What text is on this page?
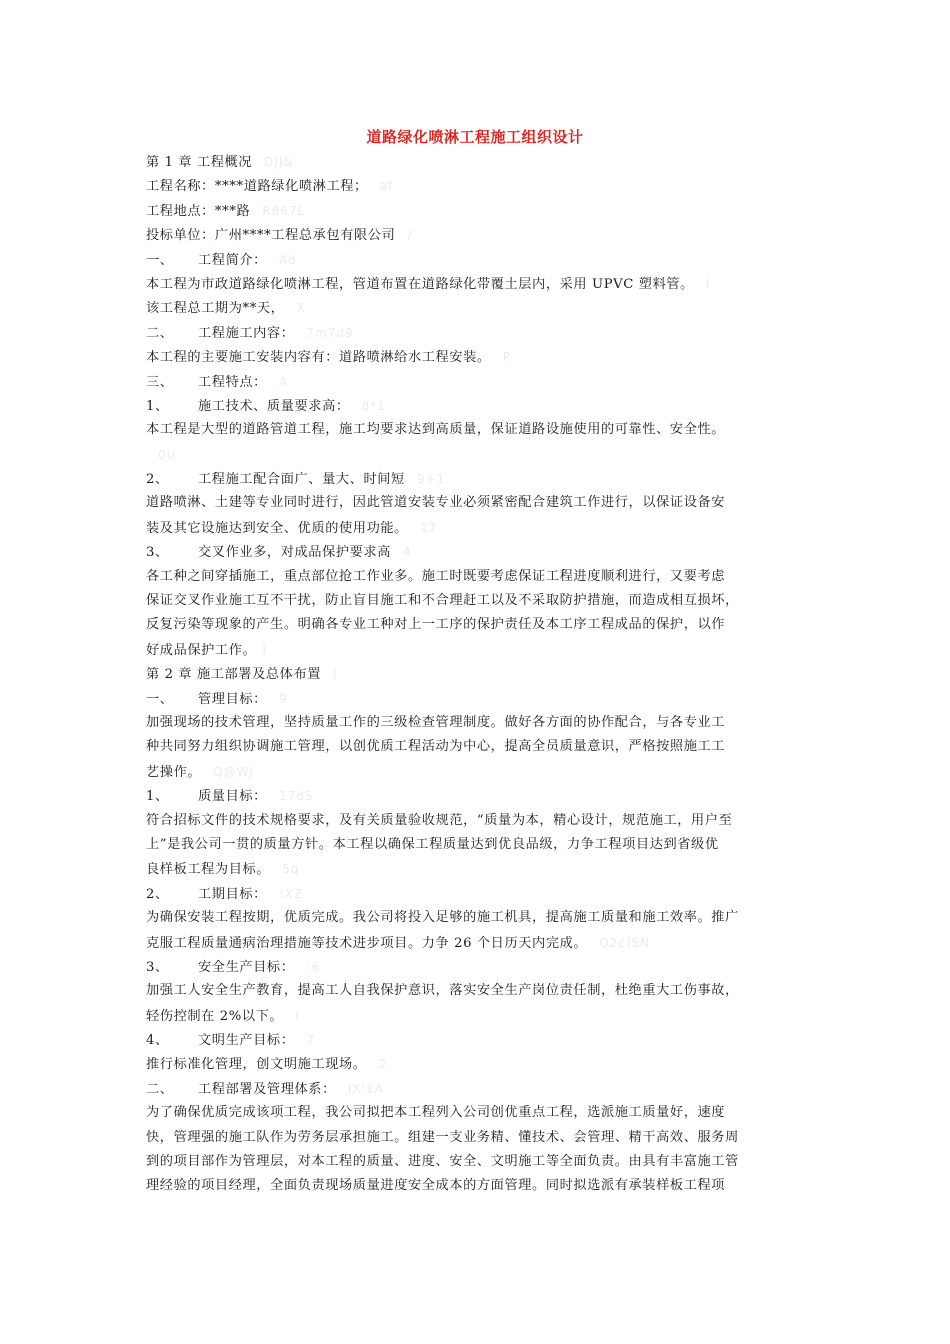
道路绿化喷淋工程施工组织设计
第 1 章 工程概况 DJJ&
工程名称：****道路绿化喷淋工程； af
工程地点：***路 R867L
投标单位：广州****工程总承包有限公司 /
一、 工程简介： Ad
本工程为市政道路绿化喷淋工程，管道布置在道路绿化带覆土层内，采用 UPVC 塑料管。 I
该工程总工期为**天， X
二、 工程施工内容： 7m7d9
本工程的主要施工安装内容有：道路喷淋给水工程安装。 P
三、 工程特点： A
1、 施工技术、质量要求高： 8*1
本工程是大型的道路管道工程，施工均要求达到高质量，保证道路设施使用的可靠性、安全性。
0U
2、 工程施工配合面广、量大、时间短 9+1
道路喷淋、土建等专业同时进行，因此管道安装专业必须紧密配合建筑工作进行，以保证设备安
装及其它设施达到安全、优质的使用功能。 17
3、 交叉作业多，对成品保护要求高 4
各工种之间穿插施工，重点部位抢工作业多。施工时既要考虑保证工程进度顺利进行，又要考虑
保证交叉作业施工互不干扰，防止盲目施工和不合理赶工以及不采取防护措施，而造成相互损坏，
反复污染等现象的产生。明确各专业工种对上一工序的保护责任及本工序工程成品的保护，以作
好成品保护工作。 )
第 2 章 施工部署及总体布置 J
一、 管理目标： 9
加强现场的技术管理，坚持质量工作的三级检查管理制度。做好各方面的协作配合，与各专业工
种共同努力组织协调施工管理，以创优质工程活动为中心，提高全员质量意识，严格按照施工工
艺操作。 Q@WJ
1、 质量目标： 17dS
符合招标文件的技术规格要求，及有关质量验收规范，“质量为本，精心设计，规范施工，用户至
上”是我公司一贯的质量方针。本工程以确保工程质量达到优良品级，力争工程项目达到省级优
良样板工程为目标。 5q
2、 工期目标： !XZ
为确保安装工程按期，优质完成。我公司将投入足够的施工机具，提高施工质量和施工效率。推广
克服工程质量通病治理措施等技术进步项目。力争 26 个日历天内完成。 Q2c]SN
3、 安全生产目标： :6
加强工人安全生产教育，提高工人自我保护意识，落实安全生产岗位责任制，杜绝重大工伤事故，
轻伤控制在 2%以下。 I
4、 文明生产目标： 7
推行标准化管理，创文明施工现场。 2
二、 工程部署及管理体系： IX'1A
为了确保优质完成该项工程，我公司拟把本工程列入公司创优重点工程，选派施工质量好，速度
快，管理强的施工队作为劳务层承担施工。组建一支业务精、懂技术、会管理、精干高效、服务周
到的项目部作为管理层，对本工程的质量、进度、安全、文明施工等全面负责。由具有丰富施工管
理经验的项目经理，全面负责现场质量进度安全成本的方面管理。同时拟选派有承装样板工程项
